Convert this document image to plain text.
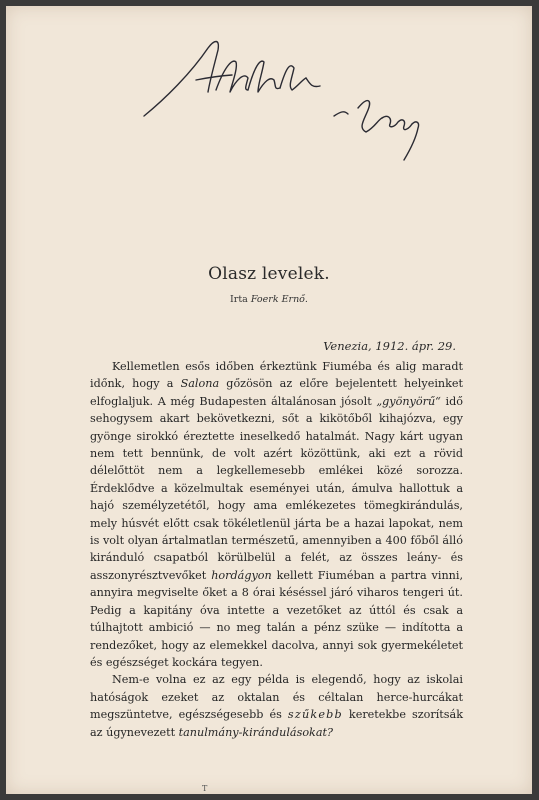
Olasz levelek.
Irta Foerk Ernő.
Venezia, 1912. ápr. 29.

Kellemetlen esős időben érkeztünk Fiuméba és alig maradt időnk, hogy a Salona gőzösön az előre bejelentett helyeinket elfoglaljuk. A még Budapesten általánosan jósolt „gyönyörű“ idő sehogysem akart bekövetkezni, sőt a kikötőből kihajózva, egy gyönge sirokkó éreztette ineselkedő hatalmát. Nagy kárt ugyan nem tett bennünk, de volt azért közöttünk, aki ezt a rövid délelőttöt nem a legkellemesebb emlékei közé sorozza. Érdeklődve a közelmultak eseményei után, ámulva hallottuk a hajó személyzetétől, hogy ama emlékezetes tömegkirándulás, mely húsvét előtt csak tökéletlenül járta be a hazai lapokat, nem is volt olyan ártalmatlan természetű, amennyiben a 400 főből álló kiránduló csapatból körülbelül a felét, az összes leány- és asszonyrésztvevőket hordágyon kellett Fiuméban a partra vinni, annyira megviselte őket a 8 órai késéssel járó viharos tengeri út. Pedig a kapitány óva intette a vezetőket az úttól és csak a túlhajtott ambició — no meg talán a pénz szüke — indította a rendezőket, hogy az elemekkel dacolva, annyi sok gyermekéletet és egészséget kockára tegyen.

Nem-e volna ez az egy példa is elegendő, hogy az iskolai hatóságok ezeket az oktalan és céltalan herce-hurcákat megszüntetve, egészségesebb és szűkebb keretekbe szorítsák az úgynevezett tanulmány-kirándulásokat?

T
